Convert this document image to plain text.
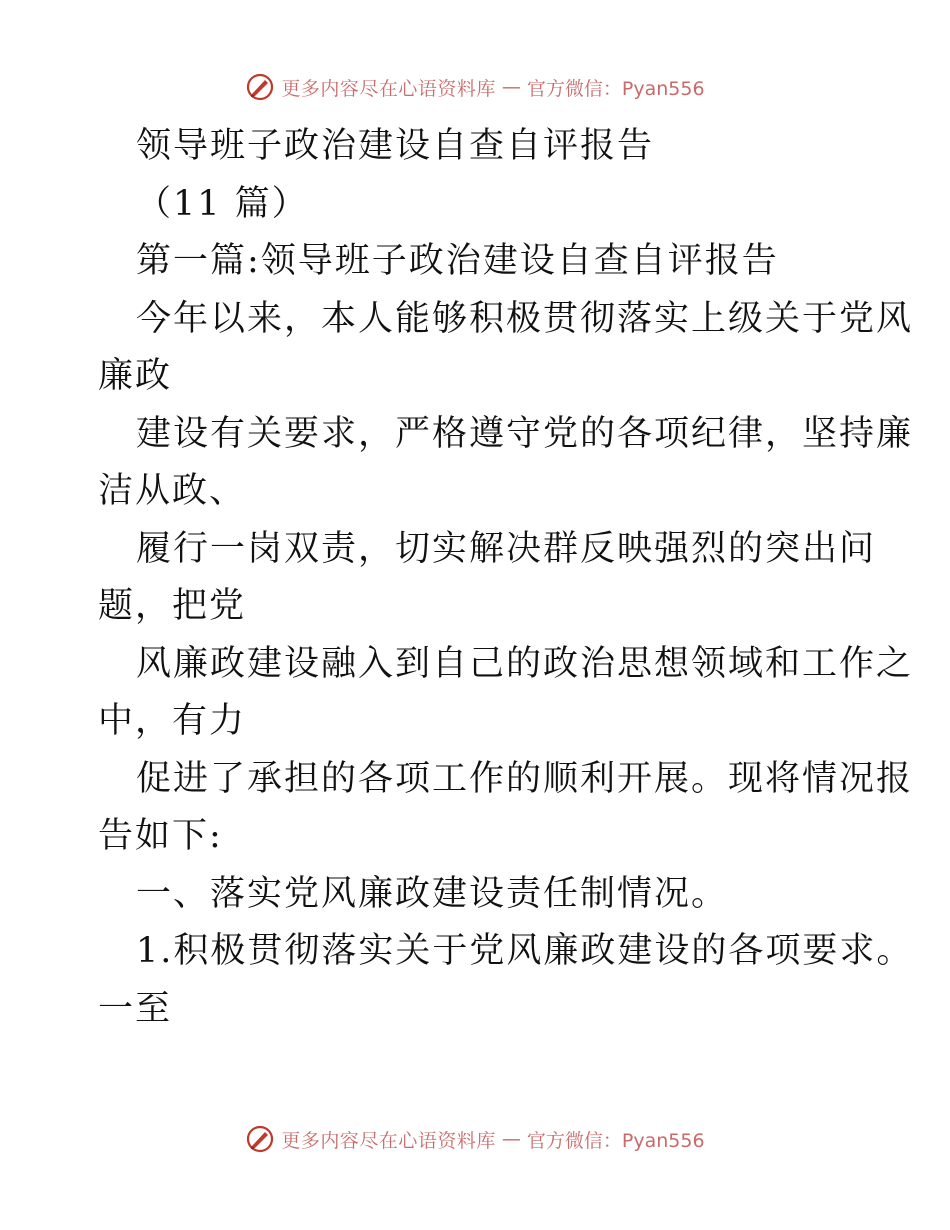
更多内容尽在心语资料库 — 官方微信：Pyan556
领导班子政治建设自查自评报告
（11 篇）
第一篇:领导班子政治建设自查自评报告
今年以来，本人能够积极贯彻落实上级关于党风
廉政
建设有关要求，严格遵守党的各项纪律，坚持廉
洁从政、
履行一岗双责，切实解决群反映强烈的突出问
题，把党
风廉政建设融入到自己的政治思想领域和工作之
中，有力
促进了承担的各项工作的顺利开展。现将情况报
告如下:
一、落实党风廉政建设责任制情况。
1.积极贯彻落实关于党风廉政建设的各项要求。
一至
更多内容尽在心语资料库 — 官方微信：Pyan556
